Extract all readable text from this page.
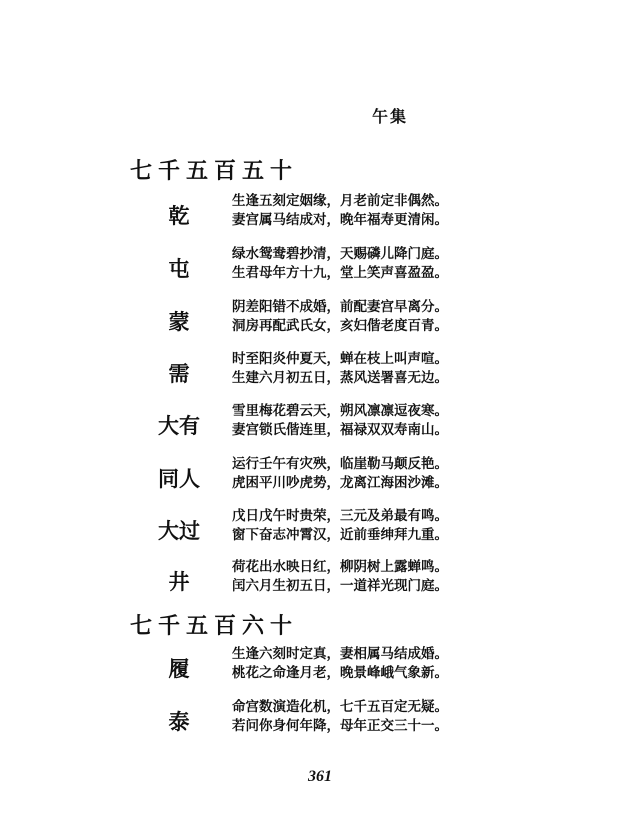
午集
七千五百五十
乾
生逢五刻定姻缘，月老前定非偶然。
妻宫属马结成对，晚年福寿更清闲。
屯
绿水鸳鸯碧抄清，天赐磷儿降门庭。
生君母年方十九，堂上笑声喜盈盈。
蒙
阴差阳错不成婚，前配妻宫早离分。
洞房再配武氏女，亥妇偕老度百青。
需
时至阳炎仲夏天，蝉在枝上叫声喧。
生建六月初五日，蒸风送署喜无边。
大有
雪里梅花碧云天，朔风凛凛逗夜寒。
妻宫锁氏偕连里，福禄双双寿南山。
同人
运行壬午有灾殃，临崖勒马颠反艳。
虎困平川吵虎势，龙离江海困沙滩。
大过
戊日戊午时贵荣，三元及弟最有鸣。
窗下奋志冲霄汉，近前垂绅拜九重。
井
荷花出水映日红，柳阴树上露蝉鸣。
闰六月生初五日，一道祥光现门庭。
七千五百六十
履
生逢六刻时定真，妻相属马结成婚。
桃花之命逢月老，晚景峰峨气象新。
泰
命宫数演造化机，七千五百定无疑。
若问你身何年降，母年正交三十一。
361
